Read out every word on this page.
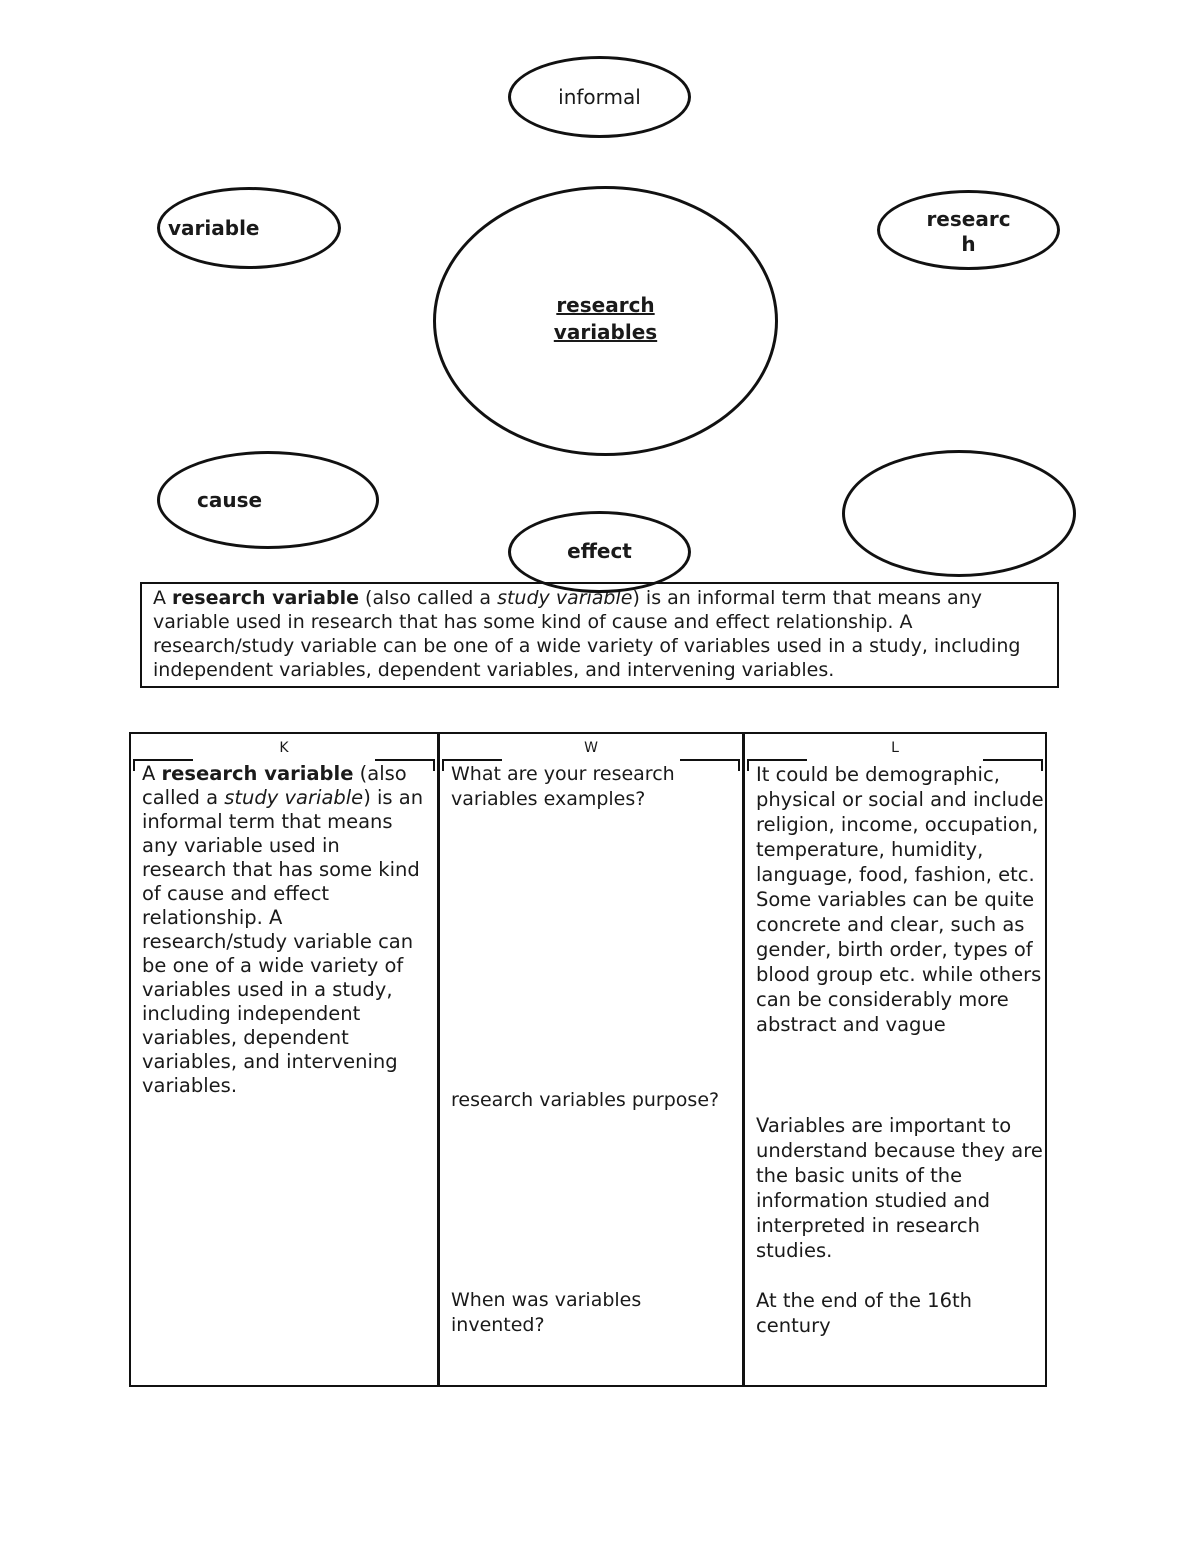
informal
variable	researc
h
research
variables
cause
A research variable (also called a study variable) is an informal term that means any variable used in research that has some kind of cause and effect relationship. A research/study variable can be one of a wide variety of variables used in a study, including independent variables, dependent variables, and intervening variables.
effect
K
A research variable (also called a study variable) is an informal term that means any variable used in research that has some kind of cause and effect relationship. A research/study variable can be one of a wide variety of variables used in a study,
including independent variables, dependent variables, and intervening variables.
W
What are your research variables examples?
research variables purpose?
When was variables invented?
L
It could be demographic, physical or social and include religion, income, occupation, temperature, humidity, language, food, fashion, etc. Some variables can be quite concrete and clear, such as gender, birth order, types of blood group etc. while others can be considerably more abstract and vague
Variables are important to understand because they are the basic units of the information studied and interpreted in research studies.
At the end of the 16th century
